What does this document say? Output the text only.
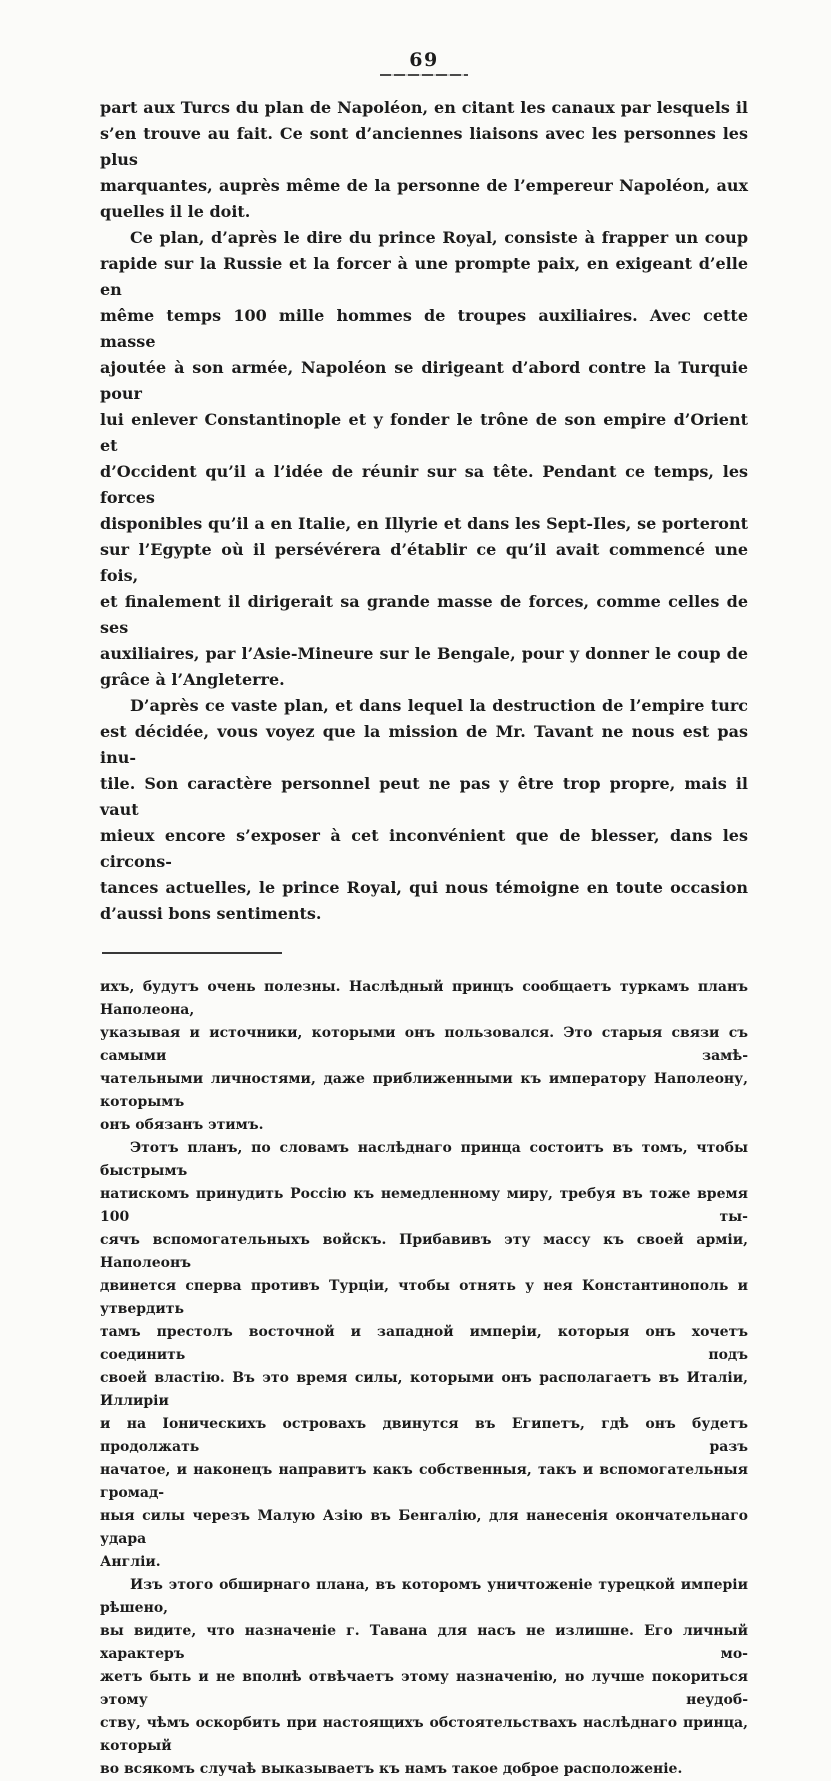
69

part aux Turcs du plan de Napoléon, en citant les canaux par lesquels il
s’en trouve au fait. Ce sont d’anciennes liaisons avec les personnes les plus
marquantes, auprès même de la personne de l’empereur Napoléon, aux
quelles il le doit.

Ce plan, d’après le dire du prince Royal, consiste à frapper un coup
rapide sur la Russie et la forcer à une prompte paix, en exigeant d’elle en
même temps 100 mille hommes de troupes auxiliaires. Avec cette masse
ajoutée à son armée, Napoléon se dirigeant d’abord contre la Turquie pour
lui enlever Constantinople et y fonder le trône de son empire d’Orient et
d’Occident qu’il a l’idée de réunir sur sa tête. Pendant ce temps, les forces
disponibles qu’il a en Italie, en Illyrie et dans les Sept-Iles, se porteront
sur l’Egypte où il persévérera d’établir ce qu’il avait commencé une fois,
et finalement il dirigerait sa grande masse de forces, comme celles de ses
auxiliaires, par l’Asie-Mineure sur le Bengale, pour y donner le coup de
grâce à l’Angleterre.

D’après ce vaste plan, et dans lequel la destruction de l’empire turc
est décidée, vous voyez que la mission de Mr. Tavant ne nous est pas inu-
tile. Son caractère personnel peut ne pas y être trop propre, mais il vaut
mieux encore s’exposer à cet inconvénient que de blesser, dans les circons-
tances actuelles, le prince Royal, qui nous témoigne en toute occasion
d’aussi bons sentiments.

ихъ, будутъ очень полезны. Наслѣдный принцъ сообщаетъ туркамъ планъ Наполеона,
указывая и источники, которыми онъ пользовался. Это старыя связи съ самыми замѣ-
чательными личностями, даже приближенными къ императору Наполеону, которымъ
онъ обязанъ этимъ.

Этотъ планъ, по словамъ наслѣднаго принца состоитъ въ томъ, чтобы быстрымъ
натискомъ принудить Россію къ немедленному миру, требуя въ тоже время 100 ты-
сячъ вспомогательныхъ войскъ. Прибавивъ эту массу къ своей арміи, Наполеонъ
двинется сперва противъ Турціи, чтобы отнять у нея Константинополь и утвердить
тамъ престолъ восточной и западной имперіи, которыя онъ хочетъ соединить подъ
своей властію. Въ это время силы, которыми онъ располагаетъ въ Италіи, Иллиріи
и на Іоническихъ островахъ двинутся въ Египетъ, гдѣ онъ будетъ продолжать разъ
начатое, и наконецъ направитъ какъ собственныя, такъ и вспомогательныя громад-
ныя силы черезъ Малую Азію въ Бенгалію, для нанесенія окончательнаго удара
Англіи.

Изъ этого обширнаго плана, въ которомъ уничтоженіе турецкой имперіи рѣшено,
вы видите, что назначеніе г. Тавана для насъ не излишне. Его личный характеръ мо-
жетъ быть и не вполнѣ отвѣчаетъ этому назначенію, но лучше покориться этому неудоб-
ству, чѣмъ оскорбить при настоящихъ обстоятельствахъ наслѣднаго принца, который
во всякомъ случаѣ выказываетъ къ намъ такое доброе расположеніе.
